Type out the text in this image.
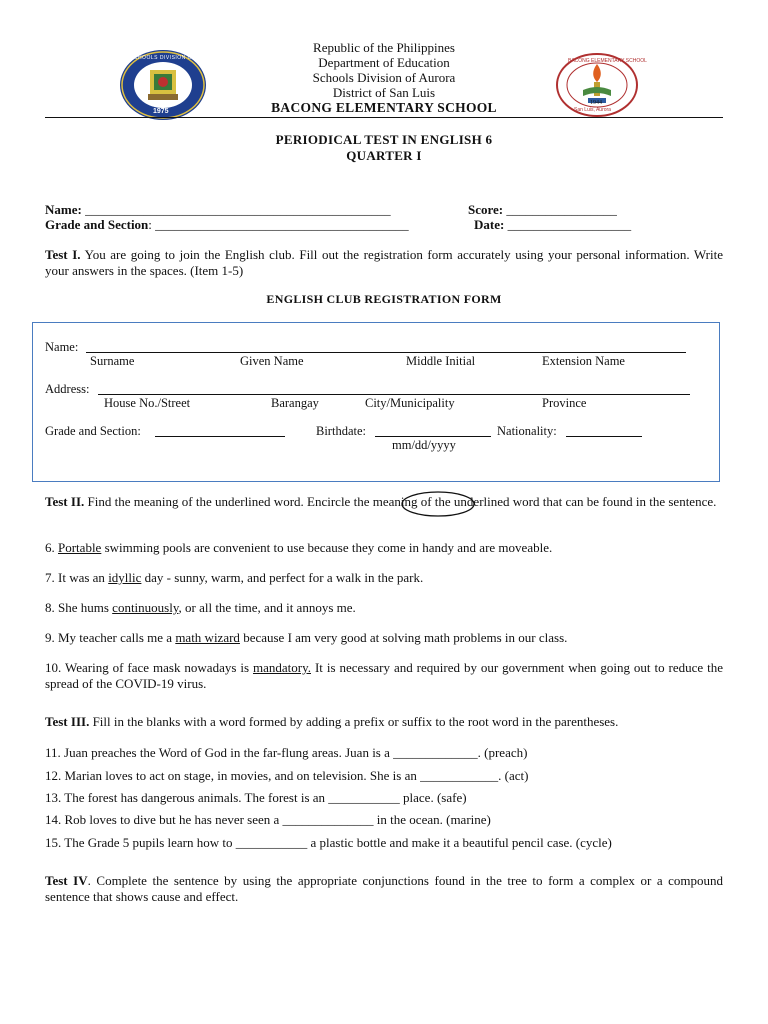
SCHOOLS DIVISION OF AURORA
1975
BACONG ELEMENTARY SCHOOL
1944
San Luis, Aurora
Republic of the Philippines
Department of Education
Schools Division of Aurora
District of San Luis
BACONG ELEMENTARY SCHOOL
PERIODICAL TEST IN ENGLISH 6
QUARTER I
Name: _______________________________________________	Score: _________________
Grade and Section: _______________________________________	Date: ___________________
Test I. You are going to join the English club. Fill out the registration form accurately using your personal information. Write your answers in the spaces. (Item 1-5)
ENGLISH CLUB REGISTRATION FORM
Name:
Surname	Given Name	Middle Initial	Extension Name
Address:
House No./Street	Barangay	City/Municipality	Province
Grade and Section:	Birthdate:	Nationality:
mm/dd/yyyy
Test II. Find the meaning of the underlined word. Encircle the meaning of the underlined word that can be found in the sentence.
6. Portable swimming pools are convenient to use because they come in handy and are moveable.
7. It was an idyllic day - sunny, warm, and perfect for a walk in the park.
8. She hums continuously, or all the time, and it annoys me.
9. My teacher calls me a math wizard because I am very good at solving math problems in our class.
10. Wearing of face mask nowadays is mandatory. It is necessary and required by our government when going out to reduce the spread of the COVID-19 virus.
Test III. Fill in the blanks with a word formed by adding a prefix or suffix to the root word in the parentheses.
11. Juan preaches the Word of God in the far-flung areas. Juan is a _____________. (preach)
12. Marian loves to act on stage, in movies, and on television. She is an ____________. (act)
13. The forest has dangerous animals. The forest is an ___________ place. (safe)
14. Rob loves to dive but he has never seen a ______________ in the ocean. (marine)
15. The Grade 5 pupils learn how to ___________ a plastic bottle and make it a beautiful pencil case. (cycle)
Test IV. Complete the sentence by using the appropriate conjunctions found in the tree to form a complex or a compound sentence that shows cause and effect.
